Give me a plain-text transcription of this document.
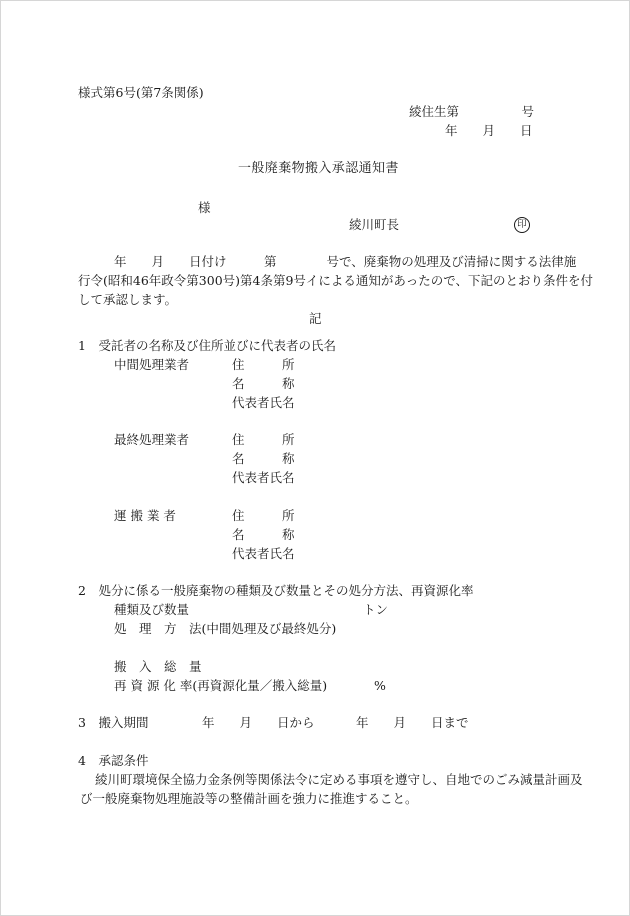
様式第6号(第7条関係)
綾住生第　　　　　号
年　　月　　日
一般廃棄物搬入承認通知書
様
綾川町長	印
年　　月　　日付け　　　第　　　　号で、廃棄物の処理及び清掃に関する法律施
行令(昭和46年政令第300号)第4条第9号イによる通知があったので、下記のとおり条件を付
して承認します。
記
1　受託者の名称及び住所並びに代表者の氏名
中間処理業者	住　　　所
名　　　称
代表者氏名
最終処理業者	住　　　所
名　　　称
代表者氏名
運 搬 業 者	住　　　所
名　　　称
代表者氏名
2　処分に係る一般廃棄物の種類及び数量とその処分方法、再資源化率
種類及び数量	トン
処　理　方　法(中間処理及び最終処分)
搬　入　総　量
再 資 源 化 率(再資源化量／搬入総量)	%
3　搬入期間	年　　月　　日から	年　　月　　日まで
4　承認条件
綾川町環境保全協力金条例等関係法令に定める事項を遵守し、自地でのごみ減量計画及
び一般廃棄物処理施設等の整備計画を強力に推進すること。
